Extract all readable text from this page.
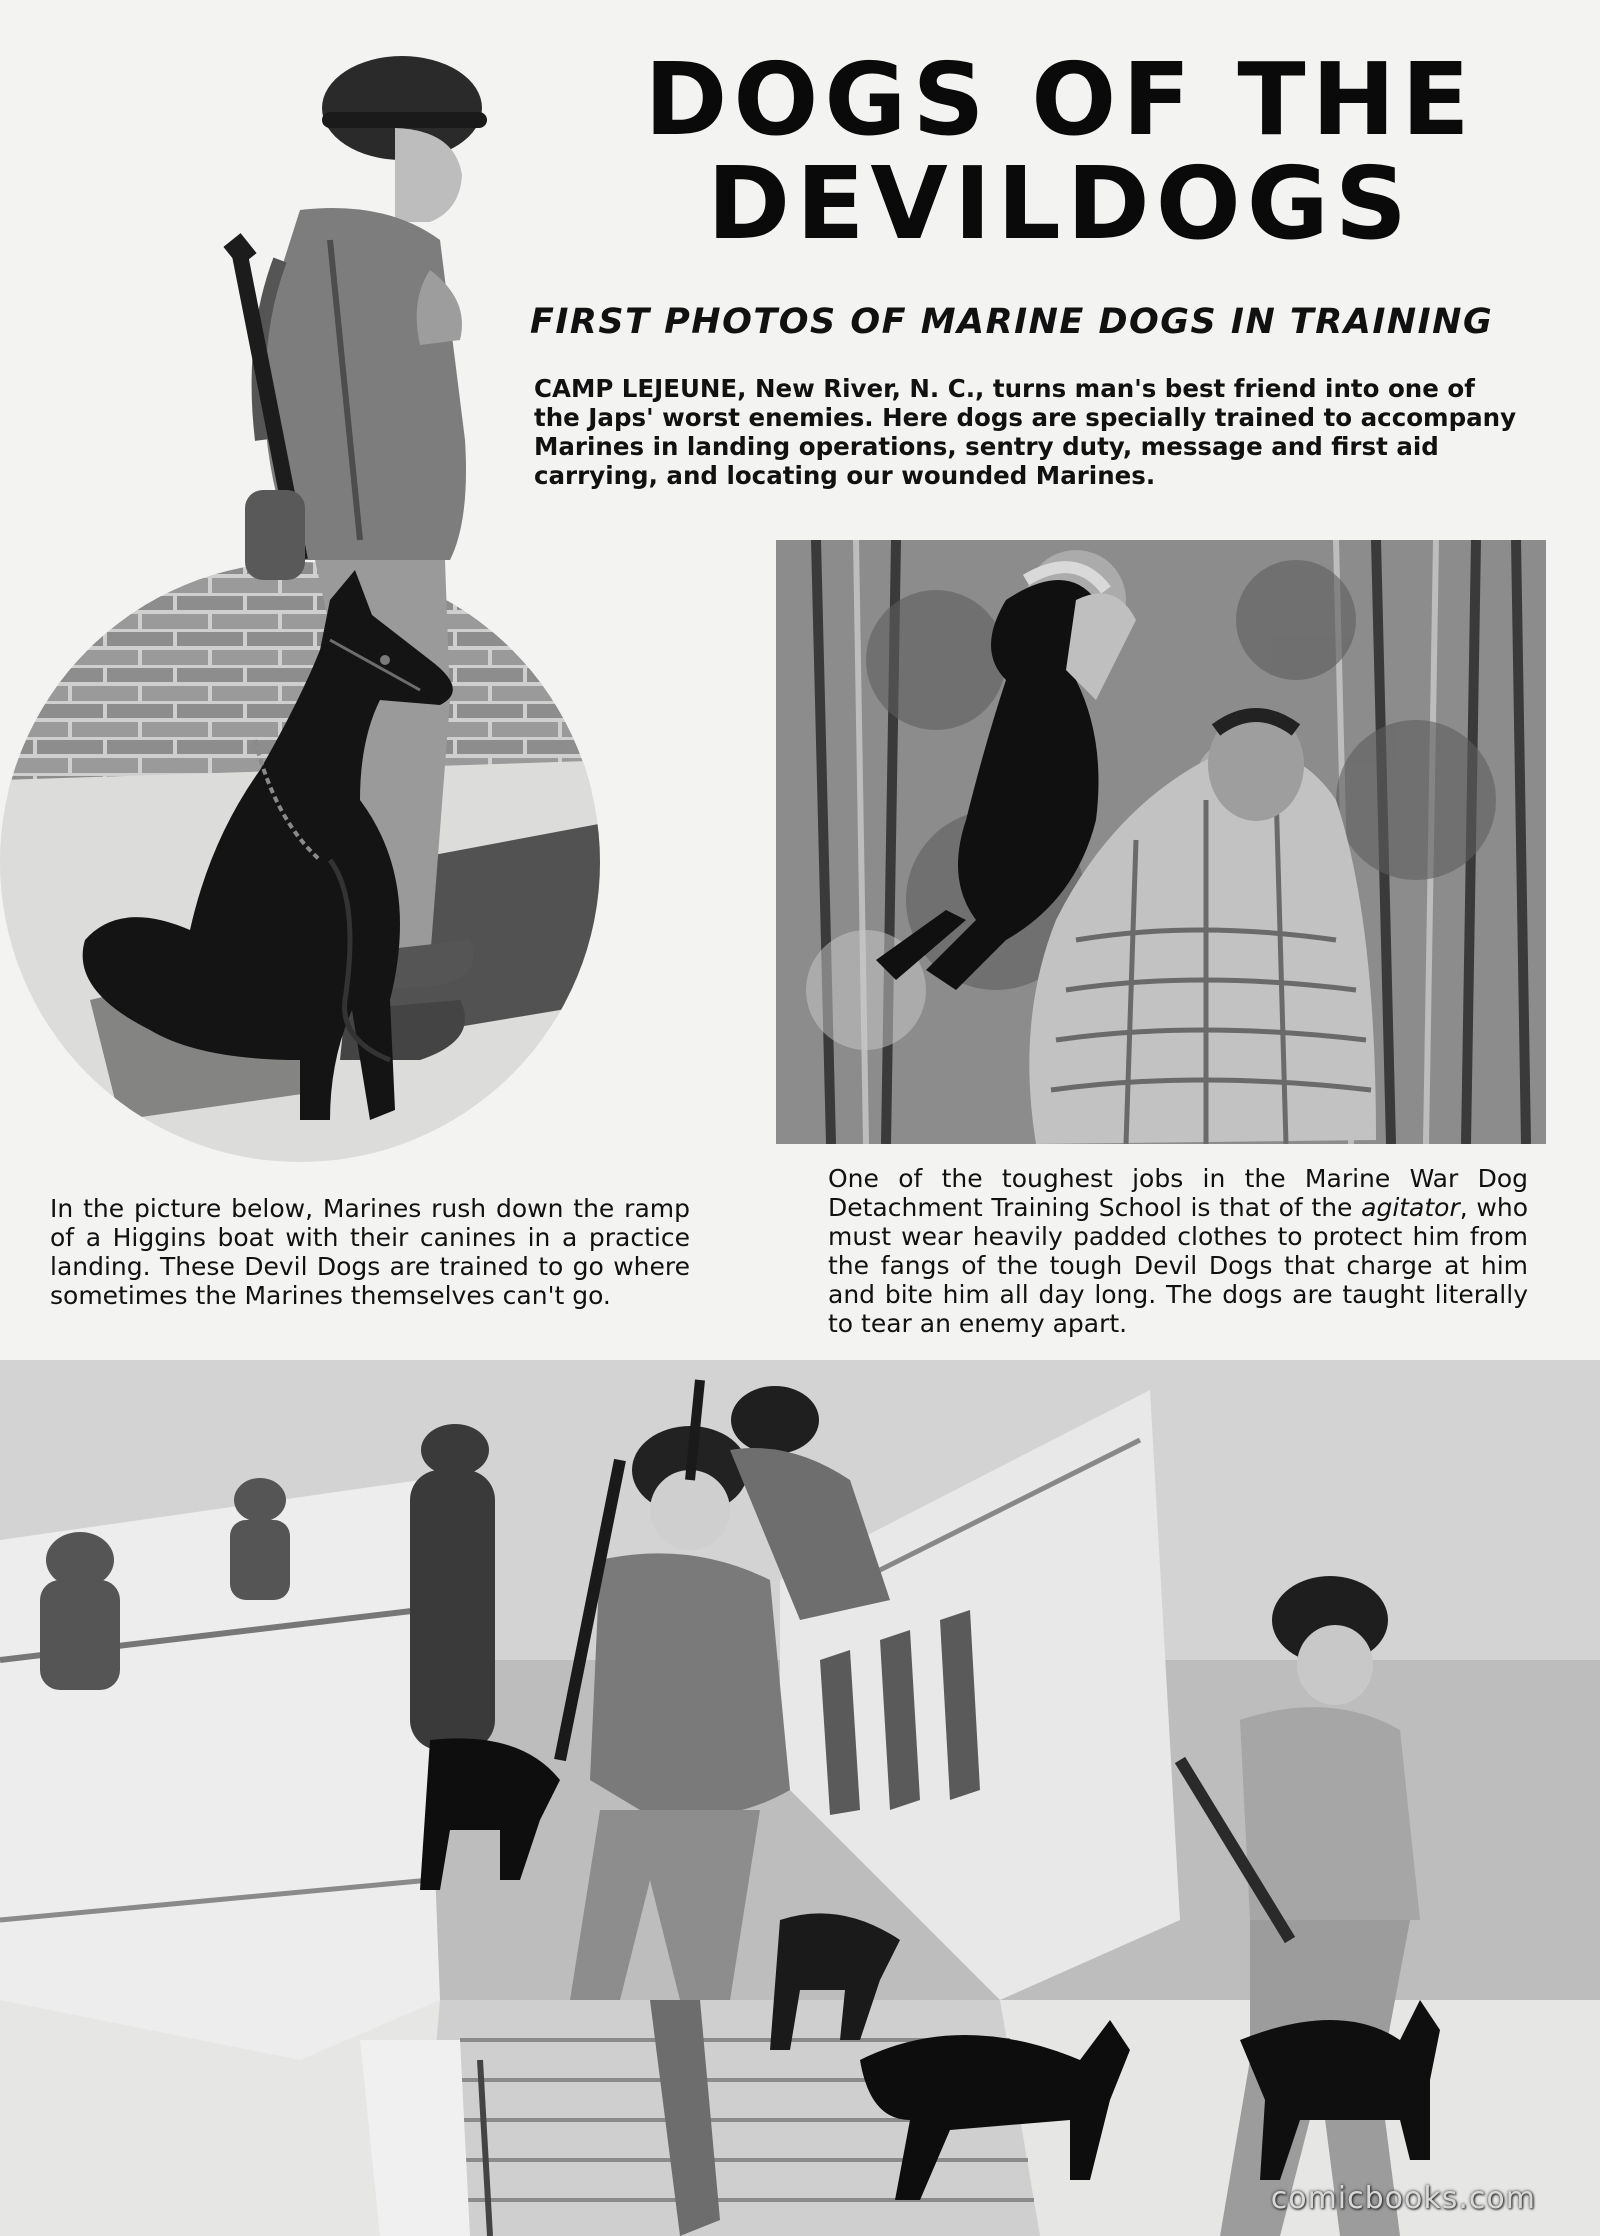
DOGS OF THE
DEVILDOGS
FIRST PHOTOS OF MARINE DOGS IN TRAINING

CAMP LEJEUNE, New River, N. C., turns man's best friend into one of the Japs' worst enemies. Here dogs are specially trained to accompany Marines in landing operations, sentry duty, message and first aid carrying, and locating our wounded Marines.

In the picture below, Marines rush down the ramp of a Higgins boat with their canines in a practice landing. These Devil Dogs are trained to go where sometimes the Marines themselves can't go.

One of the toughest jobs in the Marine War Dog Detachment Training School is that of the agitator, who must wear heavily padded clothes to protect him from the fangs of the tough Devil Dogs that charge at him and bite him all day long. The dogs are taught literally to tear an enemy apart.

comicbooks.com
